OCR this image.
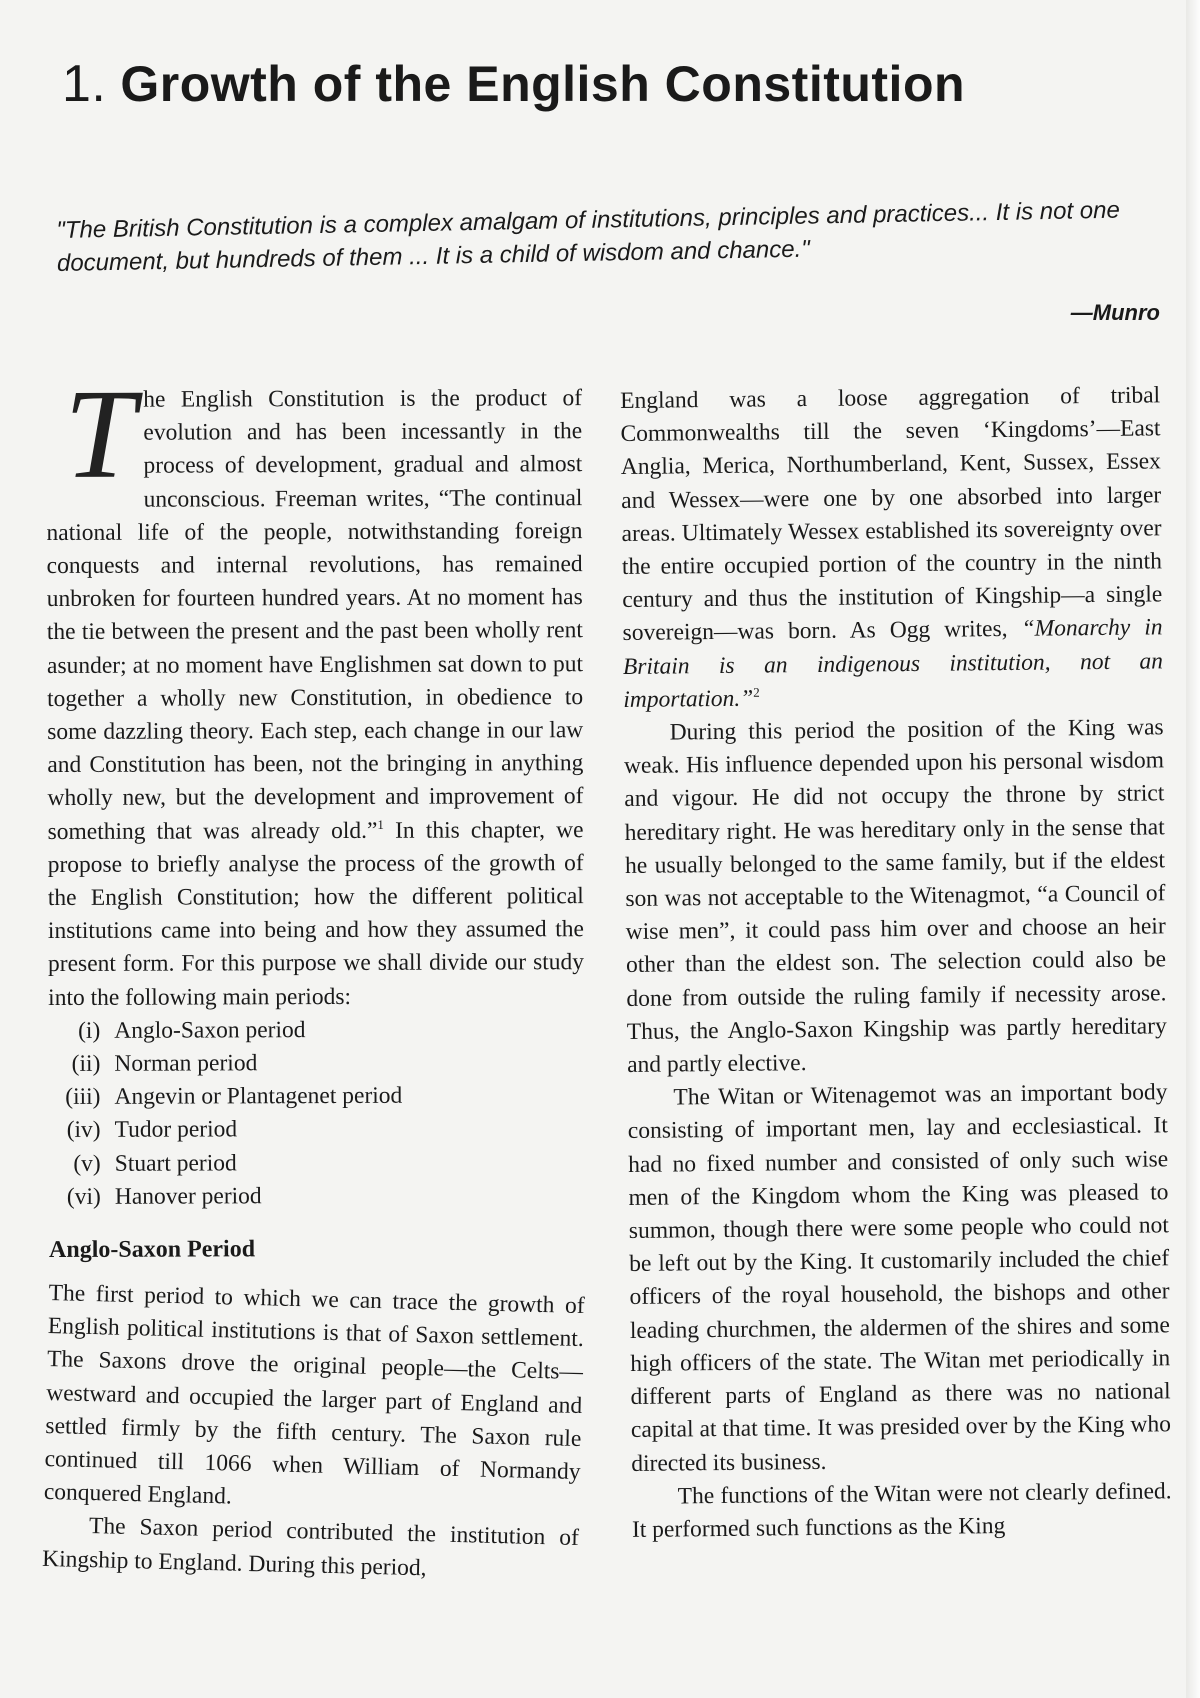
1. Growth of the English Constitution
"The British Constitution is a complex amalgam of institutions, principles and practices... It is not one document, but hundreds of them ... It is a child of wisdom and chance."
—Munro

The English Constitution is the product of evolution and has been incessantly in the process of development, gradual and almost unconscious. Freeman writes, “The continual national life of the people, notwithstanding foreign conquests and internal revolutions, has remained unbroken for fourteen hundred years. At no moment has the tie between the present and the past been wholly rent asunder; at no moment have Englishmen sat down to put together a wholly new Constitution, in obedience to some dazzling theory. Each step, each change in our law and Constitution has been, not the bringing in anything wholly new, but the development and improvement of something that was already old.”$^1$ In this chapter, we propose to briefly analyse the process of the growth of the English Constitution; how the different political institutions came into being and how they assumed the present form. For this purpose we shall divide our study into the following main periods:

(i) Anglo-Saxon period
(ii) Norman period
(iii) Angevin or Plantagenet period
(iv) Tudor period
(v) Stuart period
(vi) Hanover period
Anglo-Saxon Period

The first period to which we can trace the growth of English political institutions is that of Saxon settlement. The Saxons drove the original people—the Celts—westward and occupied the larger part of England and settled firmly by the fifth century. The Saxon rule continued till 1066 when William of Normandy conquered England.

The Saxon period contributed the institution of Kingship to England. During this period,

England was a loose aggregation of tribal Commonwealths till the seven ‘Kingdoms’—East Anglia, Merica, Northumberland, Kent, Sussex, Essex and Wessex—were one by one absorbed into larger areas. Ultimately Wessex established its sovereignty over the entire occupied portion of the country in the ninth century and thus the institution of Kingship—a single sovereign—was born. As Ogg writes, “Monarchy in Britain is an indigenous institution, not an importation.”$^2$

During this period the position of the King was weak. His influence depended upon his personal wisdom and vigour. He did not occupy the throne by strict hereditary right. He was hereditary only in the sense that he usually belonged to the same family, but if the eldest son was not acceptable to the Witenagmot, “a Council of wise men”, it could pass him over and choose an heir other than the eldest son. The selection could also be done from outside the ruling family if necessity arose. Thus, the Anglo-Saxon Kingship was partly hereditary and partly elective.

The Witan or Witenagemot was an important body consisting of important men, lay and ecclesiastical. It had no fixed number and consisted of only such wise men of the Kingdom whom the King was pleased to summon, though there were some people who could not be left out by the King. It customarily included the chief officers of the royal household, the bishops and other leading churchmen, the aldermen of the shires and some high officers of the state. The Witan met periodically in different parts of England as there was no national capital at that time. It was presided over by the King who directed its business.

The functions of the Witan were not clearly defined. It performed such functions as the King
